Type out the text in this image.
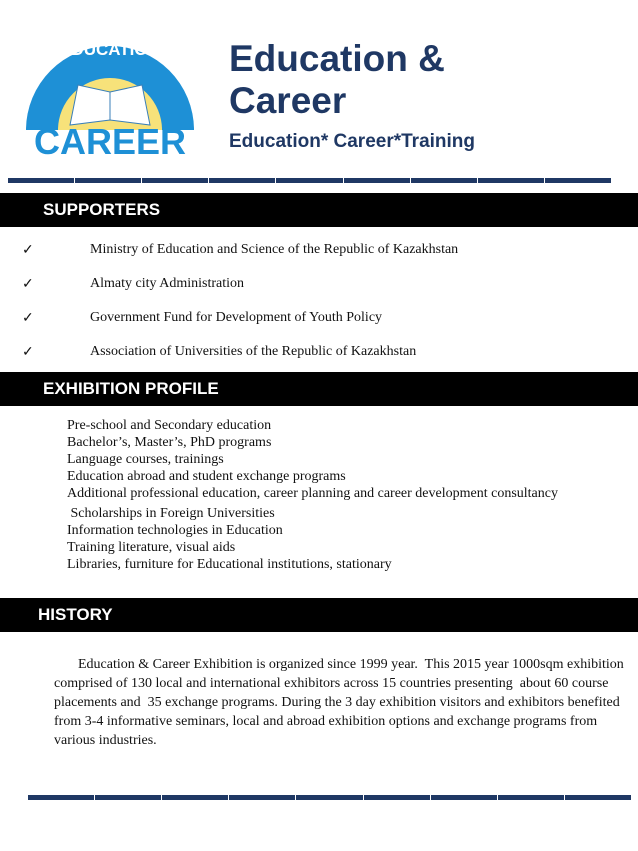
EDUCATION
CAREER
Education &
Career
Education* Career*Training
SUPPORTERS
✓	Ministry of Education and Science of the Republic of Kazakhstan
✓	Almaty city Administration
✓	Government Fund for Development of Youth Policy
✓	Association of Universities of the Republic of Kazakhstan
EXHIBITION PROFILE
Pre-school and Secondary education
Bachelor’s, Master’s, PhD programs
Language courses, trainings
Education abroad and student exchange programs
Additional professional education, career planning and career development consultancy
Scholarships in Foreign Universities
Information technologies in Education
Training literature, visual aids
Libraries, furniture for Educational institutions, stationary
HISTORY
Education & Career Exhibition is organized since 1999 year.  This 2015 year 1000sqm exhibition comprised of 130 local and international exhibitors across 15 countries presenting  about 60 course placements and  35 exchange programs. During the 3 day exhibition visitors and exhibitors benefited from 3-4 informative seminars, local and abroad exhibition options and exchange programs from various industries.
